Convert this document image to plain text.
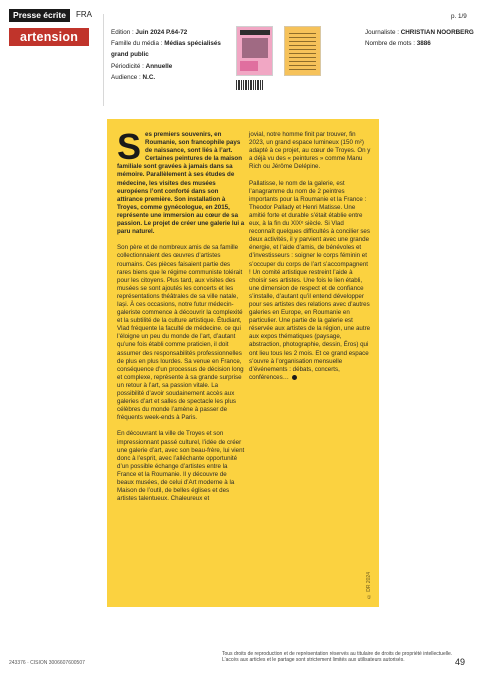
Presse écrite	FRA
artension	Edition : Juin 2024 P.64-72
Famille du média : Médias spécialisés grand public
Périodicité : Annuelle
Audience : N.C.
p. 1/9
Journaliste : CHRISTIAN NOORBERG
Nombre de mots : 3886

Ses premiers souvenirs, en Roumanie, son francophile pays de naissance, sont liés à l’art. Certaines peintures de la maison familiale sont gravées à jamais dans sa mémoire. Parallèlement à ses études de médecine, les visites des musées européens l’ont conforté dans son attirance première. Son installation à Troyes, comme gynécologue, en 2015, représente une immersion au cœur de sa passion. Le projet de créer une galerie lui a paru naturel.

Son père et de nombreux amis de sa famille collectionnaient des œuvres d’artistes roumains. Ces pièces faisaient partie des rares biens que le régime communiste tolérait pour les citoyens. Plus tard, aux visites des musées se sont ajoutés les concerts et les représentations théâtrales de sa ville natale, Iași. À ces occasions, notre futur médecin-galeriste commence à découvrir la complexité et la subtilité de la culture artistique. Étudiant, Vlad fréquente la faculté de médecine. ce qui l’éloigne un peu du monde de l’art, d’autant qu’une fois établi comme praticien, il doit assumer des responsabilités professionnelles de plus en plus lourdes. Sa venue en France, conséquence d’un processus de décision long et complexe, représente à sa grande surprise un retour à l’art, sa passion vitale. La possibilité d’avoir soudainement accès aux galeries d’art et salles de spectacle les plus célèbres du monde l’amène à passer de fréquents week-ends à Paris.

En découvrant la ville de Troyes et son impressionnant passé culturel, l’idée de créer une galerie d’art, avec son beau-frère, lui vient donc à l’esprit, avec l’alléchante opportunité d’un possible échange d’artistes entre la France et la Roumanie. Il y découvre de beaux musées, de celui d’Art moderne à la Maison de l’outil, de belles églises et des artistes talentueux. Chaleureux et

jovial, notre homme finit par trouver, fin 2023, un grand espace lumineux (150 m²) adapté à ce projet, au cœur de Troyes. On y a déjà vu des « peintures » comme Manu Rich ou Jérôme Delépine.

Pallatisse, le nom de la galerie, est l’anagramme du nom de 2 peintres importants pour la Roumanie et la France : Theodor Pallady et Henri Matisse. Une amitié forte et durable s’était établie entre eux, à la fin du XIXᵉ siècle. Si Vlad reconnaît quelques difficultés à concilier ses deux activités, il y parvient avec une grande énergie, et l’aide d’amis, de bénévoles et d’investisseurs : soigner le corps féminin et s’occuper du corps de l’art s’accompagnent ! Un comité artistique restreint l’aide à choisir ses artistes. Une fois le lien établi, une dimension de respect et de confiance s’installe, d’autant qu’il entend développer pour ses artistes des relations avec d’autres galeries en Europe, en Roumanie en particulier. Une partie de la galerie est réservée aux artistes de la région, une autre aux expos thématiques (paysage, abstraction, photographie, dessin, Éros) qui ont lieu tous les 2 mois. Et ce grand espace s’ouvre à l’organisation mensuelle d’événements : débats, concerts, conférences…

© DR 2024
243376 · CISION 3006607600507
Tous droits de reproduction et de représentation réservés au titulaire de droits de propriété intellectuelle. L’accès aux articles et le partage sont strictement limités aux utilisateurs autorisés.	49
